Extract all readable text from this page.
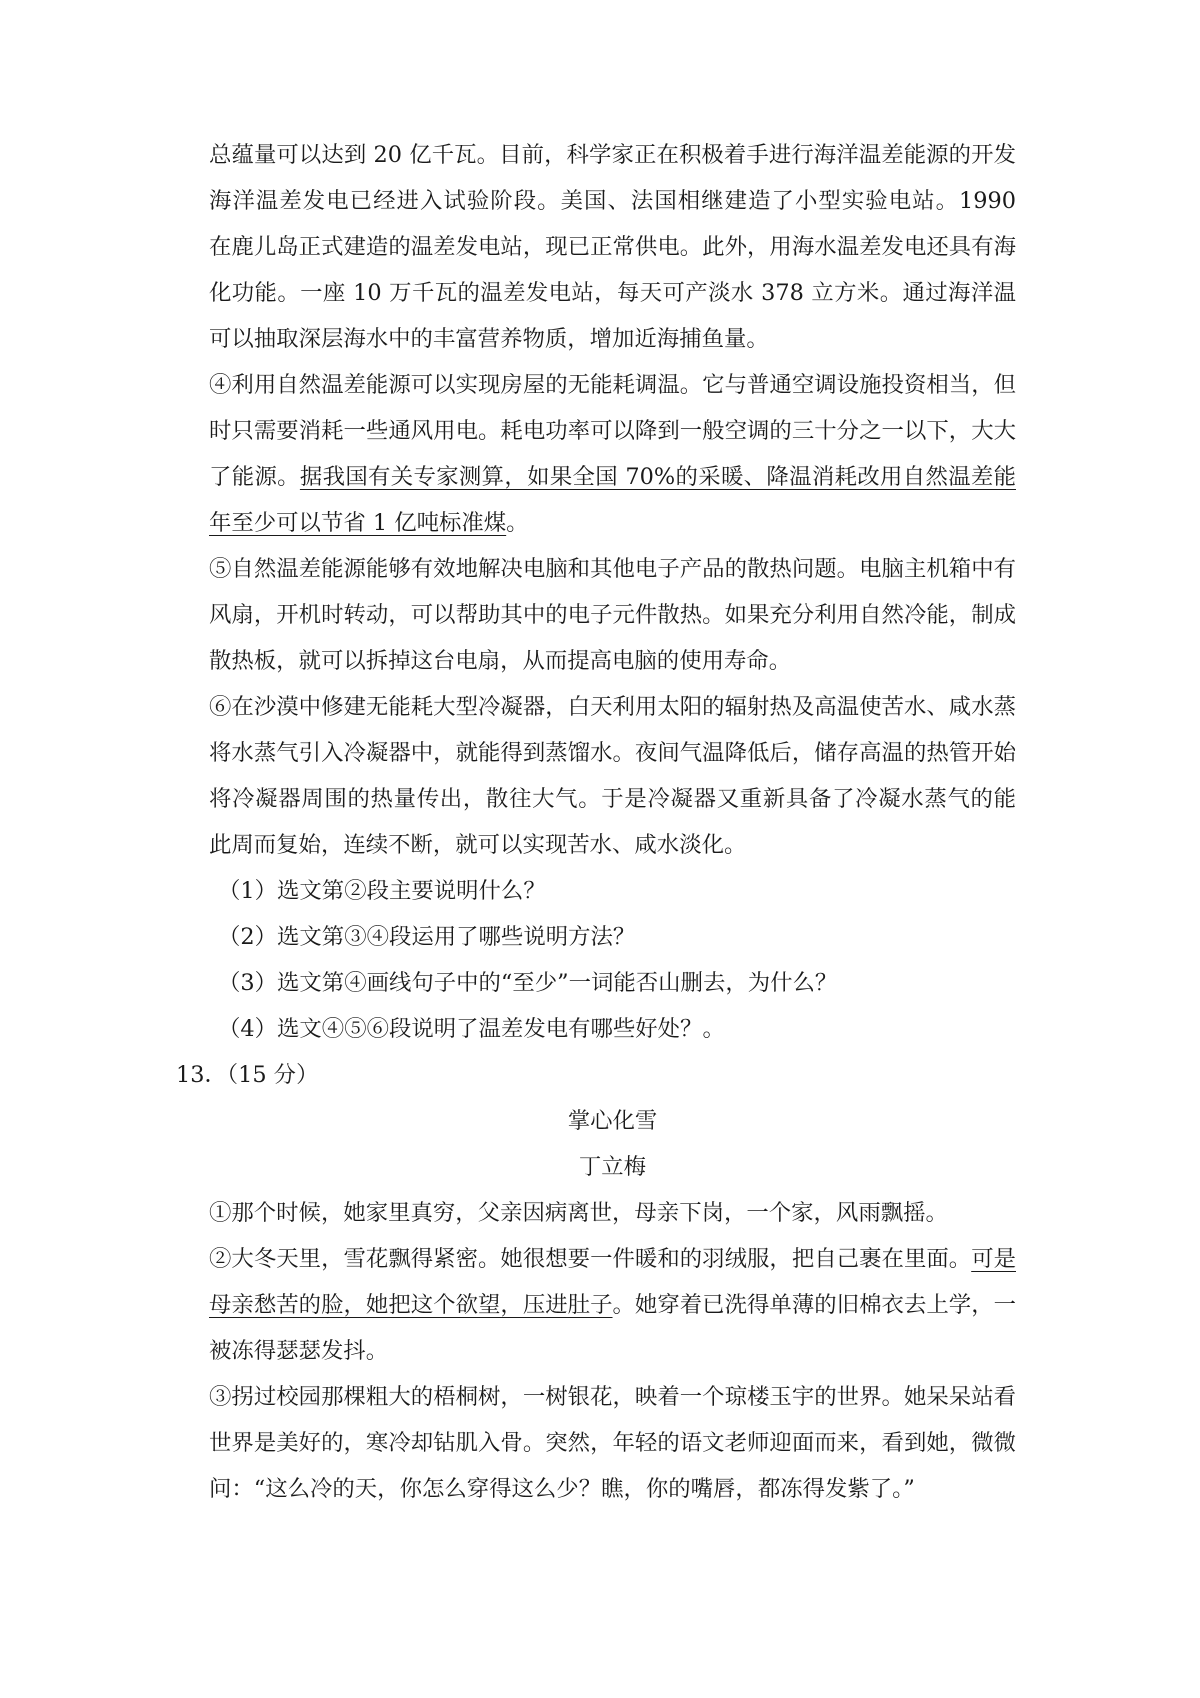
总蕴量可以达到 20 亿千瓦。目前，科学家正在积极着手进行海洋温差能源的开发
海洋温差发电已经进入试验阶段。美国、法国相继建造了小型实验电站。1990
在鹿儿岛正式建造的温差发电站，现已正常供电。此外，用海水温差发电还具有海
化功能。一座 10 万千瓦的温差发电站，每天可产淡水 378 立方米。通过海洋温
可以抽取深层海水中的丰富营养物质，增加近海捕鱼量。
④利用自然温差能源可以实现房屋的无能耗调温。它与普通空调设施投资相当，但
时只需要消耗一些通风用电。耗电功率可以降到一般空调的三十分之一以下，大大
了能源。据我国有关专家测算，如果全国 70%的采暖、降温消耗改用自然温差能
年至少可以节省 1 亿吨标准煤。
⑤自然温差能源能够有效地解决电脑和其他电子产品的散热问题。电脑主机箱中有
风扇，开机时转动，可以帮助其中的电子元件散热。如果充分利用自然冷能，制成
散热板，就可以拆掉这台电扇，从而提高电脑的使用寿命。
⑥在沙漠中修建无能耗大型冷凝器，白天利用太阳的辐射热及高温使苦水、咸水蒸
将水蒸气引入冷凝器中，就能得到蒸馏水。夜间气温降低后，储存高温的热管开始
将冷凝器周围的热量传出，散往大气。于是冷凝器又重新具备了冷凝水蒸气的能
此周而复始，连续不断，就可以实现苦水、咸水淡化。
（1）选文第②段主要说明什么？
（2）选文第③④段运用了哪些说明方法？
（3）选文第④画线句子中的“至少”一词能否山删去，为什么？
（4）选文④⑤⑥段说明了温差发电有哪些好处？。
13．（15 分）
掌心化雪
丁立梅
①那个时候，她家里真穷，父亲因病离世，母亲下岗，一个家，风雨飘摇。
②大冬天里，雪花飘得紧密。她很想要一件暖和的羽绒服，把自己裹在里面。可是
母亲愁苦的脸，她把这个欲望，压进肚子。她穿着已洗得单薄的旧棉衣去上学，一
被冻得瑟瑟发抖。
③拐过校园那棵粗大的梧桐树，一树银花，映着一个琼楼玉宇的世界。她呆呆站看
世界是美好的，寒冷却钻肌入骨。突然，年轻的语文老师迎面而来，看到她，微微
问：“这么冷的天，你怎么穿得这么少？瞧，你的嘴唇，都冻得发紫了。”
